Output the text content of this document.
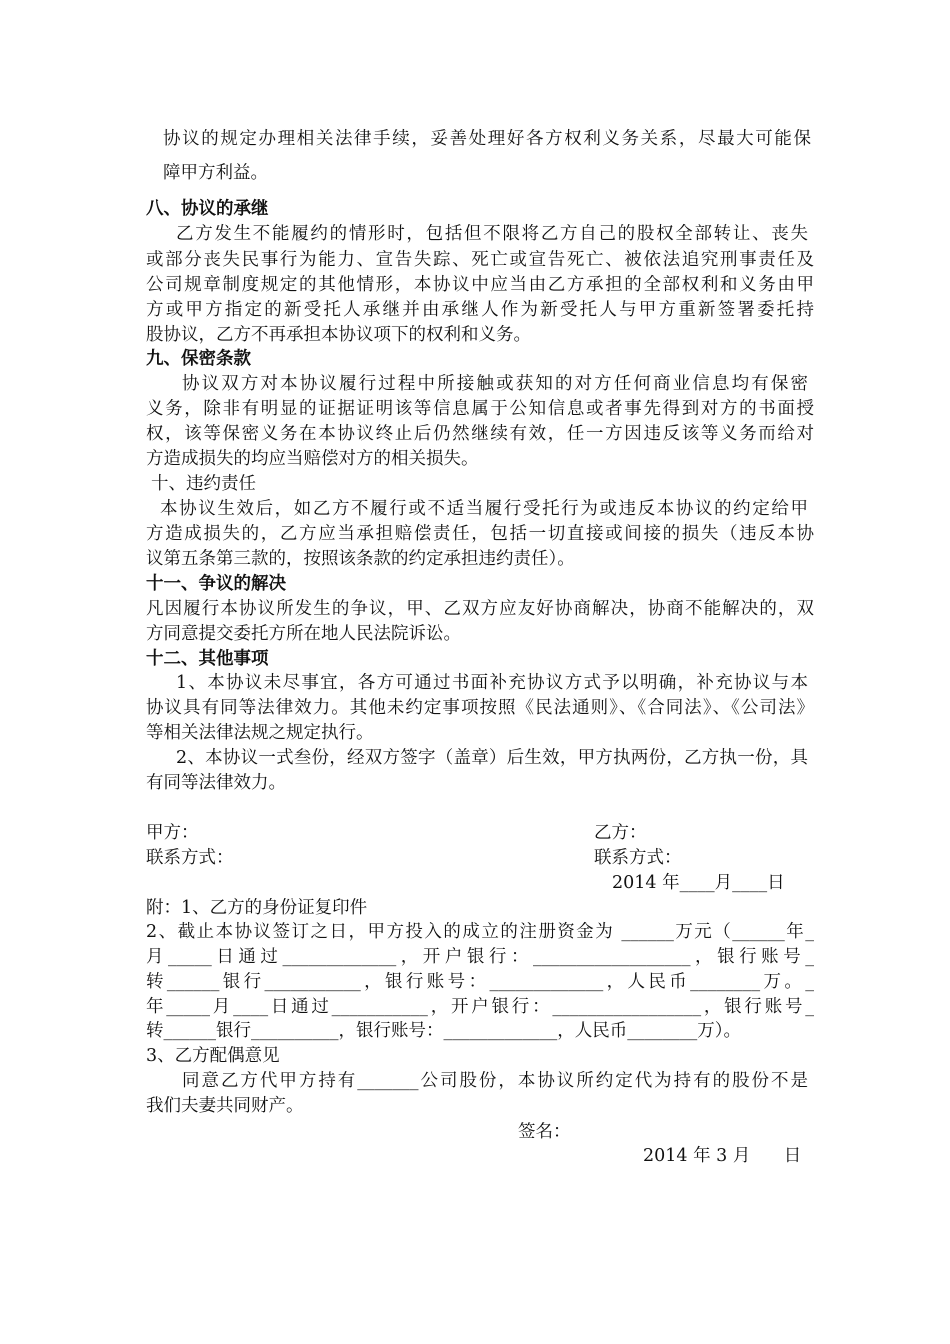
协议的规定办理相关法律手续，妥善处理好各方权利义务关系，尽最大可能保
障甲方利益。
八、协议的承继
乙方发生不能履约的情形时，包括但不限将乙方自己的股权全部转让、丧失
或部分丧失民事行为能力、宣告失踪、死亡或宣告死亡、被依法追究刑事责任及
公司规章制度规定的其他情形，本协议中应当由乙方承担的全部权利和义务由甲
方或甲方指定的新受托人承继并由承继人作为新受托人与甲方重新签署委托持
股协议，乙方不再承担本协议项下的权利和义务。
九、保密条款
协议双方对本协议履行过程中所接触或获知的对方任何商业信息均有保密
义务，除非有明显的证据证明该等信息属于公知信息或者事先得到对方的书面授
权，该等保密义务在本协议终止后仍然继续有效，任一方因违反该等义务而给对
方造成损失的均应当赔偿对方的相关损失。
十、违约责任
本协议生效后，如乙方不履行或不适当履行受托行为或违反本协议的约定给甲
方造成损失的，乙方应当承担赔偿责任，包括一切直接或间接的损失（违反本协
议第五条第三款的，按照该条款的约定承担违约责任）。
十一、争议的解决
凡因履行本协议所发生的争议，甲、乙双方应友好协商解决，协商不能解决的，双
方同意提交委托方所在地人民法院诉讼。
十二、其他事项
1、本协议未尽事宜，各方可通过书面补充协议方式予以明确，补充协议与本
协议具有同等法律效力。其他未约定事项按照《民法通则》、《合同法》、《公司法》
等相关法律法规之规定执行。
2、本协议一式叁份，经双方签字（盖章）后生效，甲方执两份，乙方执一份，具
有同等法律效力。
甲方：	乙方：
联系方式：	联系方式：
2014 年____月____日
附：1、乙方的身份证复印件
2、截止本协议签订之日，甲方投入的成立的注册资金为 ______万元（______年_
月_____日通过_____________，开户银行：__________________，银行账号_
转______银行___________，银行账号：_____________，人民币________万。_
年_____月____日通过___________，开户银行：_________________，银行账号_
转______银行__________，银行账号：_____________，人民币________万）。
3、乙方配偶意见
同意乙方代甲方持有_______公司股份，本协议所约定代为持有的股份不是
我们夫妻共同财产。
签名：
2014 年 3 月      日
